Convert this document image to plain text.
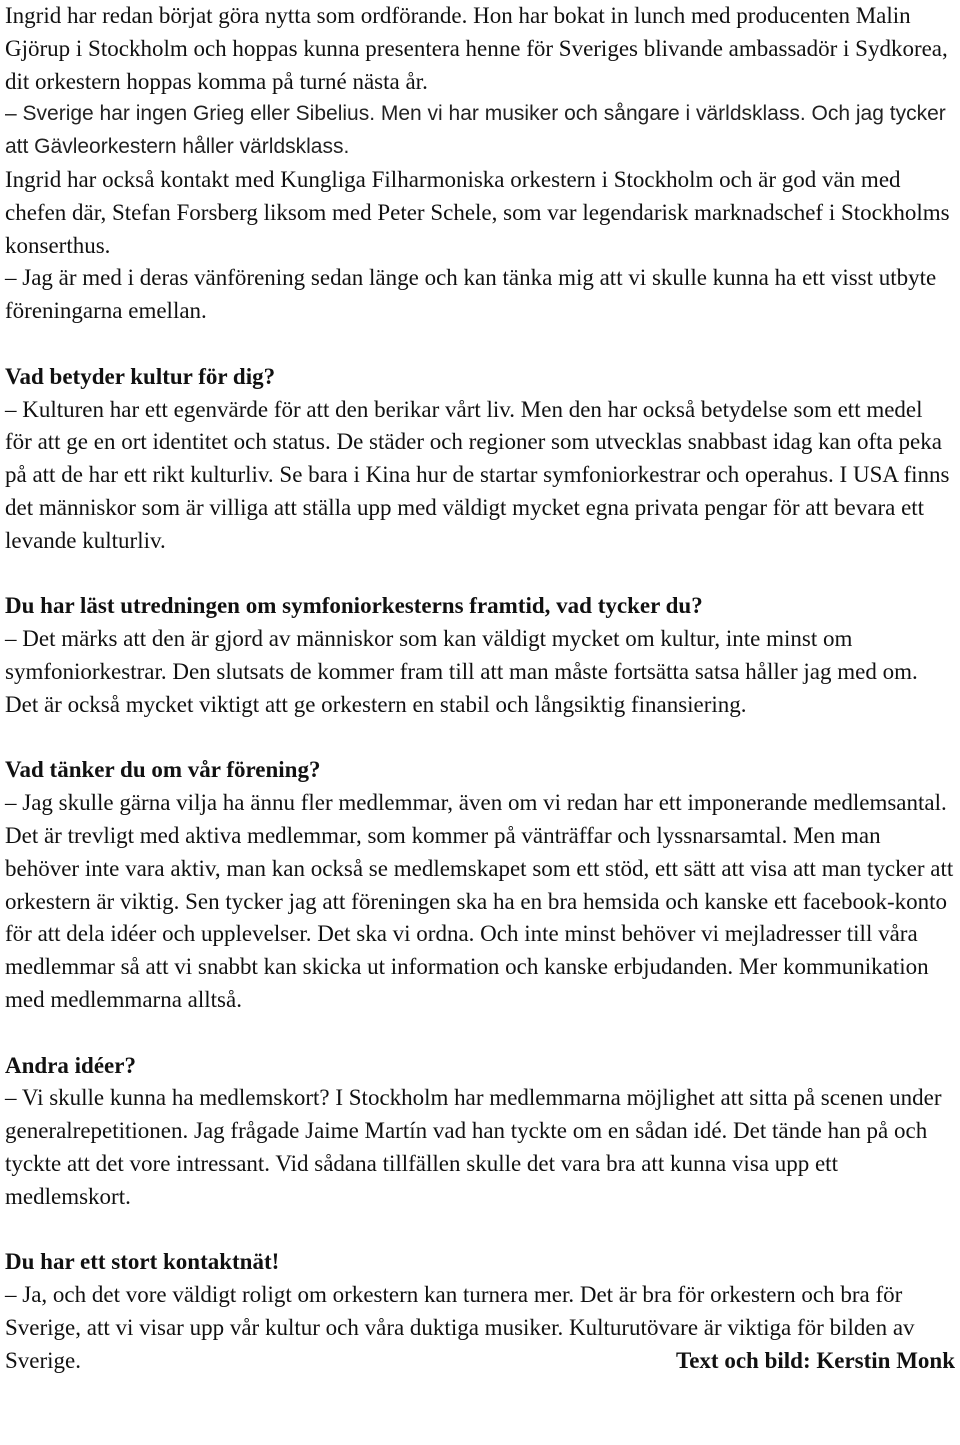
Ingrid har redan börjat göra nytta som ordförande. Hon har bokat in lunch med producenten Malin Gjörup i Stockholm och hoppas kunna presentera henne för Sveriges blivande ambassadör i Sydkorea, dit orkestern hoppas komma på turné nästa år.

– Sverige har ingen Grieg eller Sibelius. Men vi har musiker och sångare i världsklass. Och jag tycker att Gävleorkestern håller världsklass.

Ingrid har också kontakt med Kungliga Filharmoniska orkestern i Stockholm och är god vän med chefen där, Stefan Forsberg liksom med Peter Schele, som var legendarisk marknadschef i Stockholms konserthus.

– Jag är med i deras vänförening sedan länge och kan tänka mig att vi skulle kunna ha ett visst utbyte föreningarna emellan.

Vad betyder kultur för dig?

– Kulturen har ett egenvärde för att den berikar vårt liv. Men den har också betydelse som ett medel för att ge en ort identitet och status. De städer och regioner som utvecklas snabbast idag kan ofta peka på att de har ett rikt kulturliv. Se bara i Kina hur de startar symfoniorkestrar och operahus. I USA finns det människor som är villiga att ställa upp med väldigt mycket egna privata pengar för att bevara ett levande kulturliv.

Du har läst utredningen om symfoniorkesterns framtid, vad tycker du?

– Det märks att den är gjord av människor som kan väldigt mycket om kultur, inte minst om symfoniorkestrar. Den slutsats de kommer fram till att man måste fortsätta satsa håller jag med om. Det är också mycket viktigt att ge orkestern en stabil och långsiktig finansiering.

Vad tänker du om vår förening?

– Jag skulle gärna vilja ha ännu fler medlemmar, även om vi redan har ett imponerande medlemsantal. Det är trevligt med aktiva medlemmar, som kommer på vänträffar och lyssnarsamtal. Men man behöver inte vara aktiv, man kan också se medlemskapet som ett stöd, ett sätt att visa att man tycker att orkestern är viktig. Sen tycker jag att föreningen ska ha en bra hemsida och kanske ett facebook-konto för att dela idéer och upplevelser. Det ska vi ordna. Och inte minst behöver vi mejladresser till våra medlemmar så att vi snabbt kan skicka ut information och kanske erbjudanden. Mer kommunikation med medlemmarna alltså.

Andra idéer?

– Vi skulle kunna ha medlemskort? I Stockholm har medlemmarna möjlighet att sitta på scenen under generalrepetitionen. Jag frågade Jaime Martín vad han tyckte om en sådan idé. Det tände han på och tyckte att det vore intressant. Vid sådana tillfällen skulle det vara bra att kunna visa upp ett medlemskort.

Du har ett stort kontaktnät!

– Ja, och det vore väldigt roligt om orkestern kan turnera mer. Det är bra för orkestern och bra för Sverige, att vi visar upp vår kultur och våra duktiga musiker. Kulturutövare är viktiga för bilden av Sverige.	Text och bild: Kerstin Monk
